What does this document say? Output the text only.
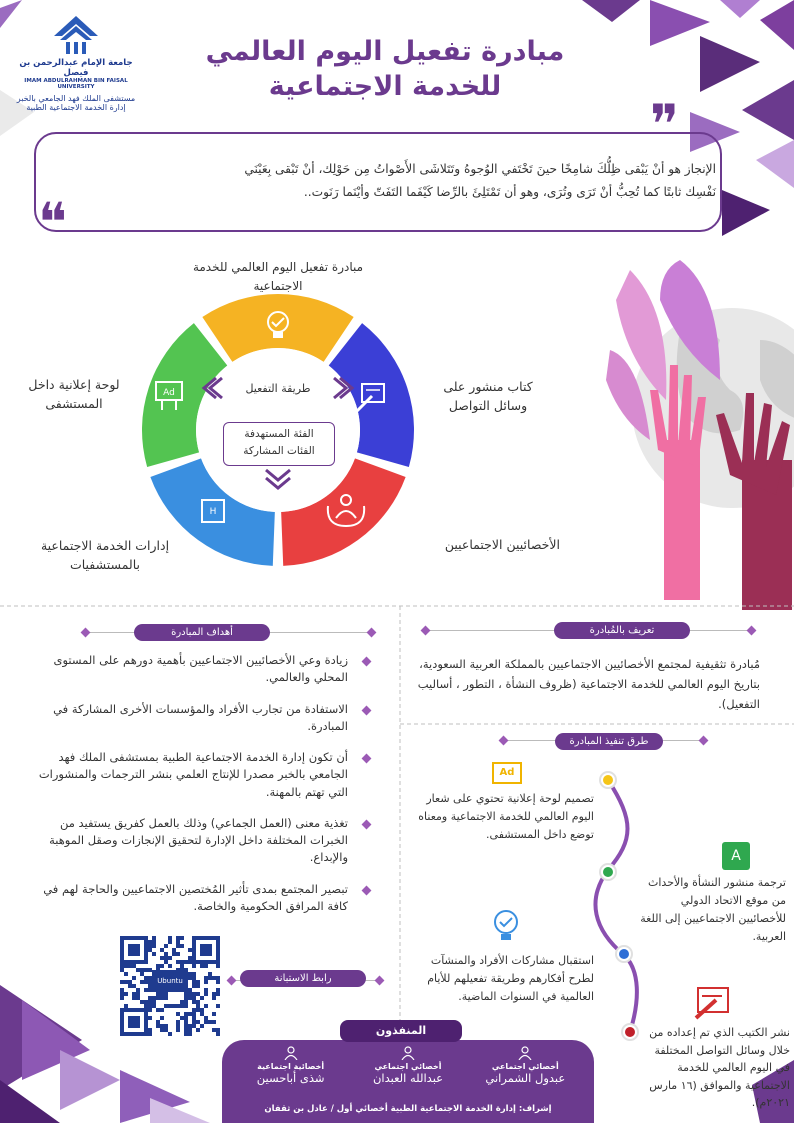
جامعة الإمام عبدالرحمن بن فيصل
IMAM ABDULRAHMAN BIN FAISAL UNIVERSITY
مستشفى الملك فهد الجامعي بالخبر
إدارة الخدمة الاجتماعية الطبية
مبادرة تفعيل اليوم العالمي
للخدمة الاجتماعية
❞
❝
الإنجاز هو أنْ يَبْقى ظِلُّكَ شامِخًا حينَ تَخْتَفي الوُجوهُ وتَتَلاشَى الأَصْواتُ مِن حَوْلِك، أنْ تَبْقى بِعَيْنَي
نَفْسِك ثابتًا كما تُحِبُّ أنْ تَرَى وتُرَى، وهو أن تَمْتَلِئَ بالرِّضا كَيْفَما التَفَتّ وأيْنَما رَنَوت..
H
Ad	طريقة التفعيل
الفئة المستهدفة
الفئات المشاركة
مبادرة تفعيل اليوم العالمي للخدمة
الاجتماعية
كتاب منشور على
وسائل التواصل
الأخصائيين الاجتماعيين
إدارات الخدمة الاجتماعية
بالمستشفيات
لوحة إعلانية داخل
المستشفى
تعريف بالمُبادرة
مُبادرة تثقيفية لمجتمع الأخصائيين الاجتماعيين بالمملكة العربية السعودية، بتاريخ اليوم العالمي للخدمة الاجتماعية (ظروف النشأة ، التطور ، أساليب التفعيل).
أهداف المبادرة
زيادة وعي الأخصائيين الاجتماعيين بأهمية دورهم على المستوى المحلي والعالمي.
الاستفادة من تجارب الأفراد والمؤسسات الأخرى المشاركة في المبادرة.
أن تكون إدارة الخدمة الاجتماعية الطبية بمستشفى الملك فهد الجامعي بالخبر مصدرا للإنتاج العلمي بنشر الترجمات والمنشورات التي تهتم بالمهنة.
تغذية معنى (العمل الجماعي) وذلك بالعمل كفريق يستفيد من الخبرات المختلفة داخل الإدارة لتحقيق الإنجازات وصقل الموهبة والإبداع.
تبصير المجتمع بمدى تأثير المُختصين الاجتماعيين والحاجة لهم في كافة المرافق الحكومية والخاصة.
طرق تنفيذ المبادرة
Ad
A
تصميم لوحة إعلانية تحتوي على شعار اليوم العالمي للخدمة الاجتماعية ومعناه توضع داخل المستشفى.
ترجمة منشور النشأة والأحداث من موقع الاتحاد الدولي للأخصائيين الاجتماعيين إلى اللغة العربية.
استقبال مشاركات الأفراد والمنشآت لطرح أفكارهم وطريقة تفعيلهم للأيام العالمية في السنوات الماضية.
نشر الكتيب الذي تم إعداده من خلال وسائل التواصل المختلفة في اليوم العالمي للخدمة الاجتماعية والموافق (١٦ مارس ٢٠٢١م).
Ubuntu	رابط الاستبانة
المنفذون
أخصائي اجتماعي
عبدول الشمراني
أخصائي اجتماعي
عبدالله العبدان
أخصائية اجتماعية
شذى أباحسين
إشراف: إدارة الخدمة الاجتماعية الطبية أخصائي أول / عادل بن ثقفان
